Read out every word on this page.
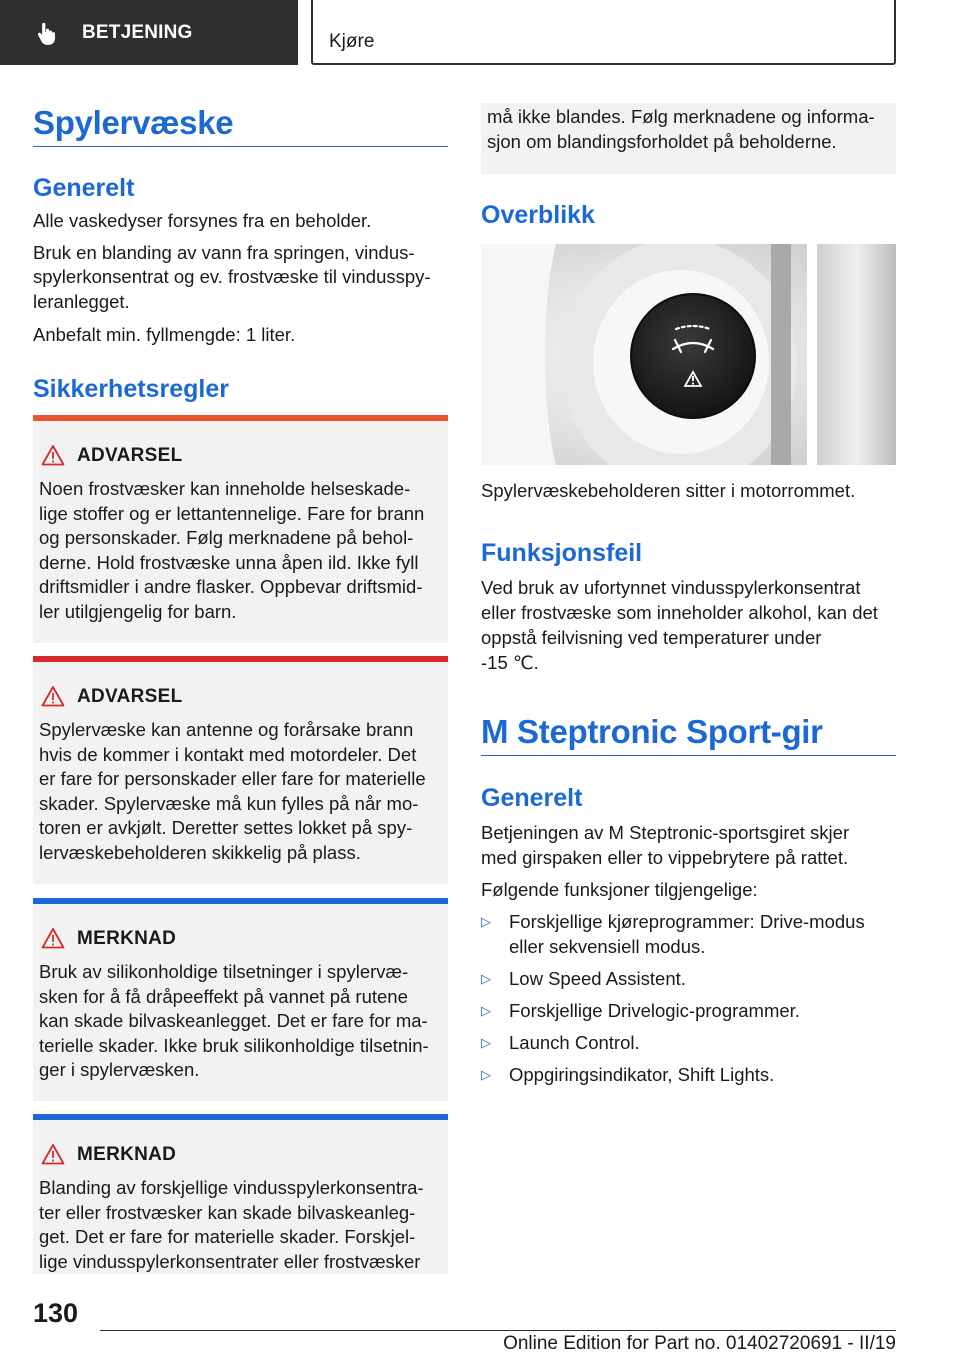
BETJENING	Kjøre
Spylervæske
Generelt
Alle vaskedyser forsynes fra en beholder.
Bruk en blanding av vann fra springen, vindus‐
spylerkonsentrat og ev. frostvæske til vindusspy‐
leranlegget.
Anbefalt min. fyllmengde: 1 liter.
Sikkerhetsregler
ADVARSEL
Noen frostvæsker kan inneholde helseskade‐
lige stoffer og er lettantennelige. Fare for brann
og personskader. Følg merknadene på behol‐
derne. Hold frostvæske unna åpen ild. Ikke fyll
driftsmidler i andre flasker. Oppbevar driftsmid‐
ler utilgjengelig for barn.
ADVARSEL
Spylervæske kan antenne og forårsake brann
hvis de kommer i kontakt med motordeler. Det
er fare for personskader eller fare for materielle
skader. Spylervæske må kun fylles på når mo‐
toren er avkjølt. Deretter settes lokket på spy‐
lervæskebeholderen skikkelig på plass.
MERKNAD
Bruk av silikonholdige tilsetninger i spylervæ‐
sken for å få dråpeeffekt på vannet på rutene
kan skade bilvaskeanlegget. Det er fare for ma‐
terielle skader. Ikke bruk silikonholdige tilsetnin‐
ger i spylervæsken.
MERKNAD
Blanding av forskjellige vindusspylerkonsentra‐
ter eller frostvæsker kan skade bilvaskeanleg‐
get. Det er fare for materielle skader. Forskjel‐
lige vindusspylerkonsentrater eller frostvæsker
må ikke blandes. Følg merknadene og informa‐
sjon om blandingsforholdet på beholderne.
Overblikk
Spylervæskebeholderen sitter i motorrommet.
Funksjonsfeil
Ved bruk av ufortynnet vindusspylerkonsentrat
eller frostvæske som inneholder alkohol, kan det
oppstå feilvisning ved temperaturer under
‑15 ℃.
M Steptronic Sport-gir
Generelt
Betjeningen av M Steptronic-sportsgiret skjer
med girspaken eller to vippebrytere på rattet.
Følgende funksjoner tilgjengelige:
▷ Forskjellige kjøreprogrammer: Drive-modus
eller sekvensiell modus.
▷ Low Speed Assistent.
▷ Forskjellige Drivelogic-programmer.
▷ Launch Control.
▷ Oppgiringsindikator, Shift Lights.
130
Online Edition for Part no. 01402720691 - II/19
